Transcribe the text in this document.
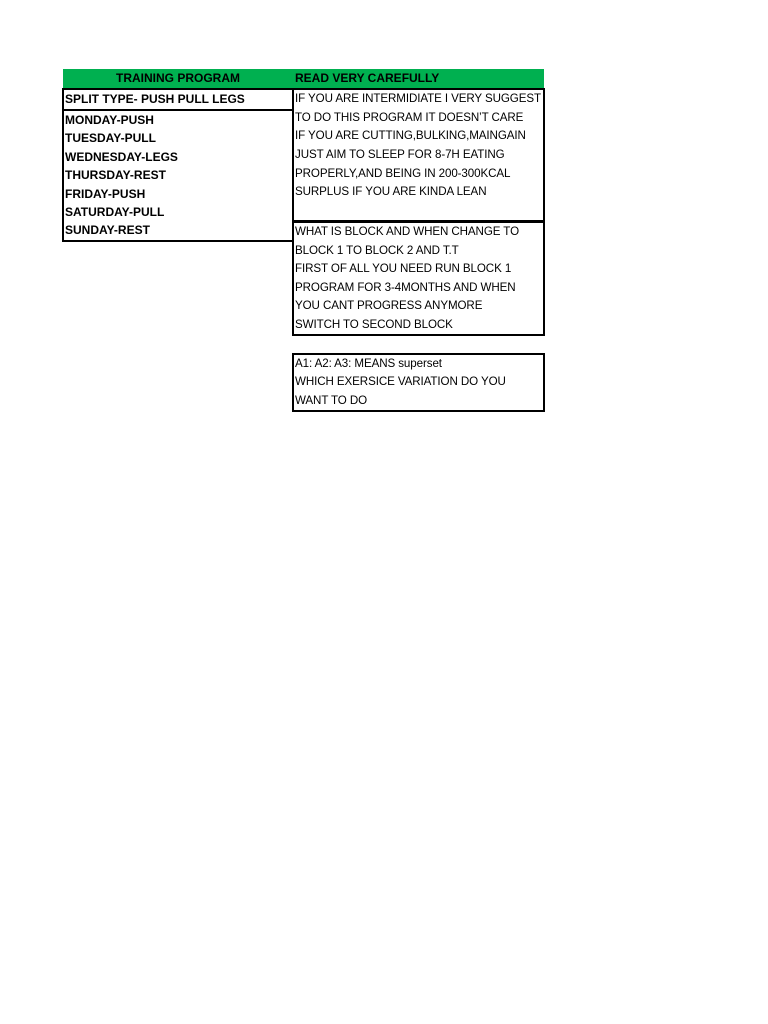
TRAINING PROGRAM	READ VERY CAREFULLY
SPLIT TYPE- PUSH PULL LEGS
MONDAY-PUSH
TUESDAY-PULL
WEDNESDAY-LEGS
THURSDAY-REST
FRIDAY-PUSH
SATURDAY-PULL
SUNDAY-REST
IF YOU ARE INTERMIDIATE I VERY SUGGEST
TO DO THIS PROGRAM IT DOESN’T CARE
IF YOU ARE CUTTING,BULKING,MAINGAIN
JUST AIM TO SLEEP FOR 8-7H EATING
PROPERLY,AND BEING IN 200-300KCAL
SURPLUS IF YOU ARE KINDA LEAN
WHAT IS BLOCK AND WHEN CHANGE TO
BLOCK 1 TO BLOCK 2 AND T.T
FIRST OF ALL YOU NEED RUN BLOCK 1
PROGRAM FOR 3-4MONTHS AND WHEN
YOU CANT PROGRESS ANYMORE
SWITCH TO SECOND BLOCK
A1: A2: A3: MEANS superset
WHICH EXERSICE VARIATION DO YOU
WANT TO DO
